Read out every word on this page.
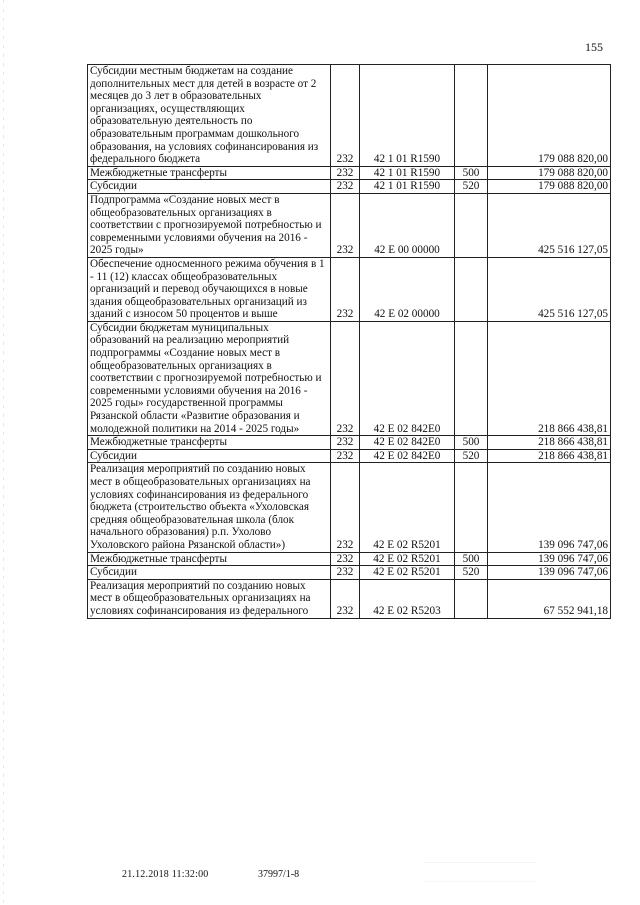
155
Субсидии местным бюджетам на создание дополнительных мест для детей в возрасте от 2 месяцев до 3 лет в образовательных организациях, осуществляющих образовательную деятельность по образовательным программам дошкольного образования, на условиях софинансирования из федерального бюджета	232	42 1 01 R1590		179 088 820,00
Межбюджетные трансферты	232	42 1 01 R1590	500	179 088 820,00
Субсидии	232	42 1 01 R1590	520	179 088 820,00
Подпрограмма «Создание новых мест в общеобразовательных организациях в соответствии с прогнозируемой потребностью и современными условиями обучения на 2016 - 2025 годы»	232	42 Е 00 00000		425 516 127,05
Обеспечение односменного режима обучения в 1 - 11 (12) классах общеобразовательных организаций и перевод обучающихся в новые здания общеобразовательных организаций из зданий с износом 50 процентов и выше	232	42 Е 02 00000		425 516 127,05
Субсидии бюджетам муниципальных образований на реализацию мероприятий подпрограммы «Создание новых мест в общеобразовательных организациях в соответствии с прогнозируемой потребностью и современными условиями обучения на 2016 - 2025 годы» государственной программы Рязанской области «Развитие образования и молодежной политики на 2014 - 2025 годы»	232	42 Е 02 842Е0		218 866 438,81
Межбюджетные трансферты	232	42 Е 02 842Е0	500	218 866 438,81
Субсидии	232	42 Е 02 842Е0	520	218 866 438,81
Реализация мероприятий по созданию новых мест в общеобразовательных организациях на условиях софинансирования из федерального бюджета (строительство объекта «Ухоловская средняя общеобразовательная школа (блок начального образования) р.п. Ухолово Ухоловского района Рязанской области»)	232	42 Е 02 R5201		139 096 747,06
Межбюджетные трансферты	232	42 Е 02 R5201	500	139 096 747,06
Субсидии	232	42 Е 02 R5201	520	139 096 747,06
Реализация мероприятий по созданию новых мест в общеобразовательных организациях на условиях софинансирования из федерального	232	42 Е 02 R5203		67 552 941,18
21.12.2018 11:32:00	37997/1-8
